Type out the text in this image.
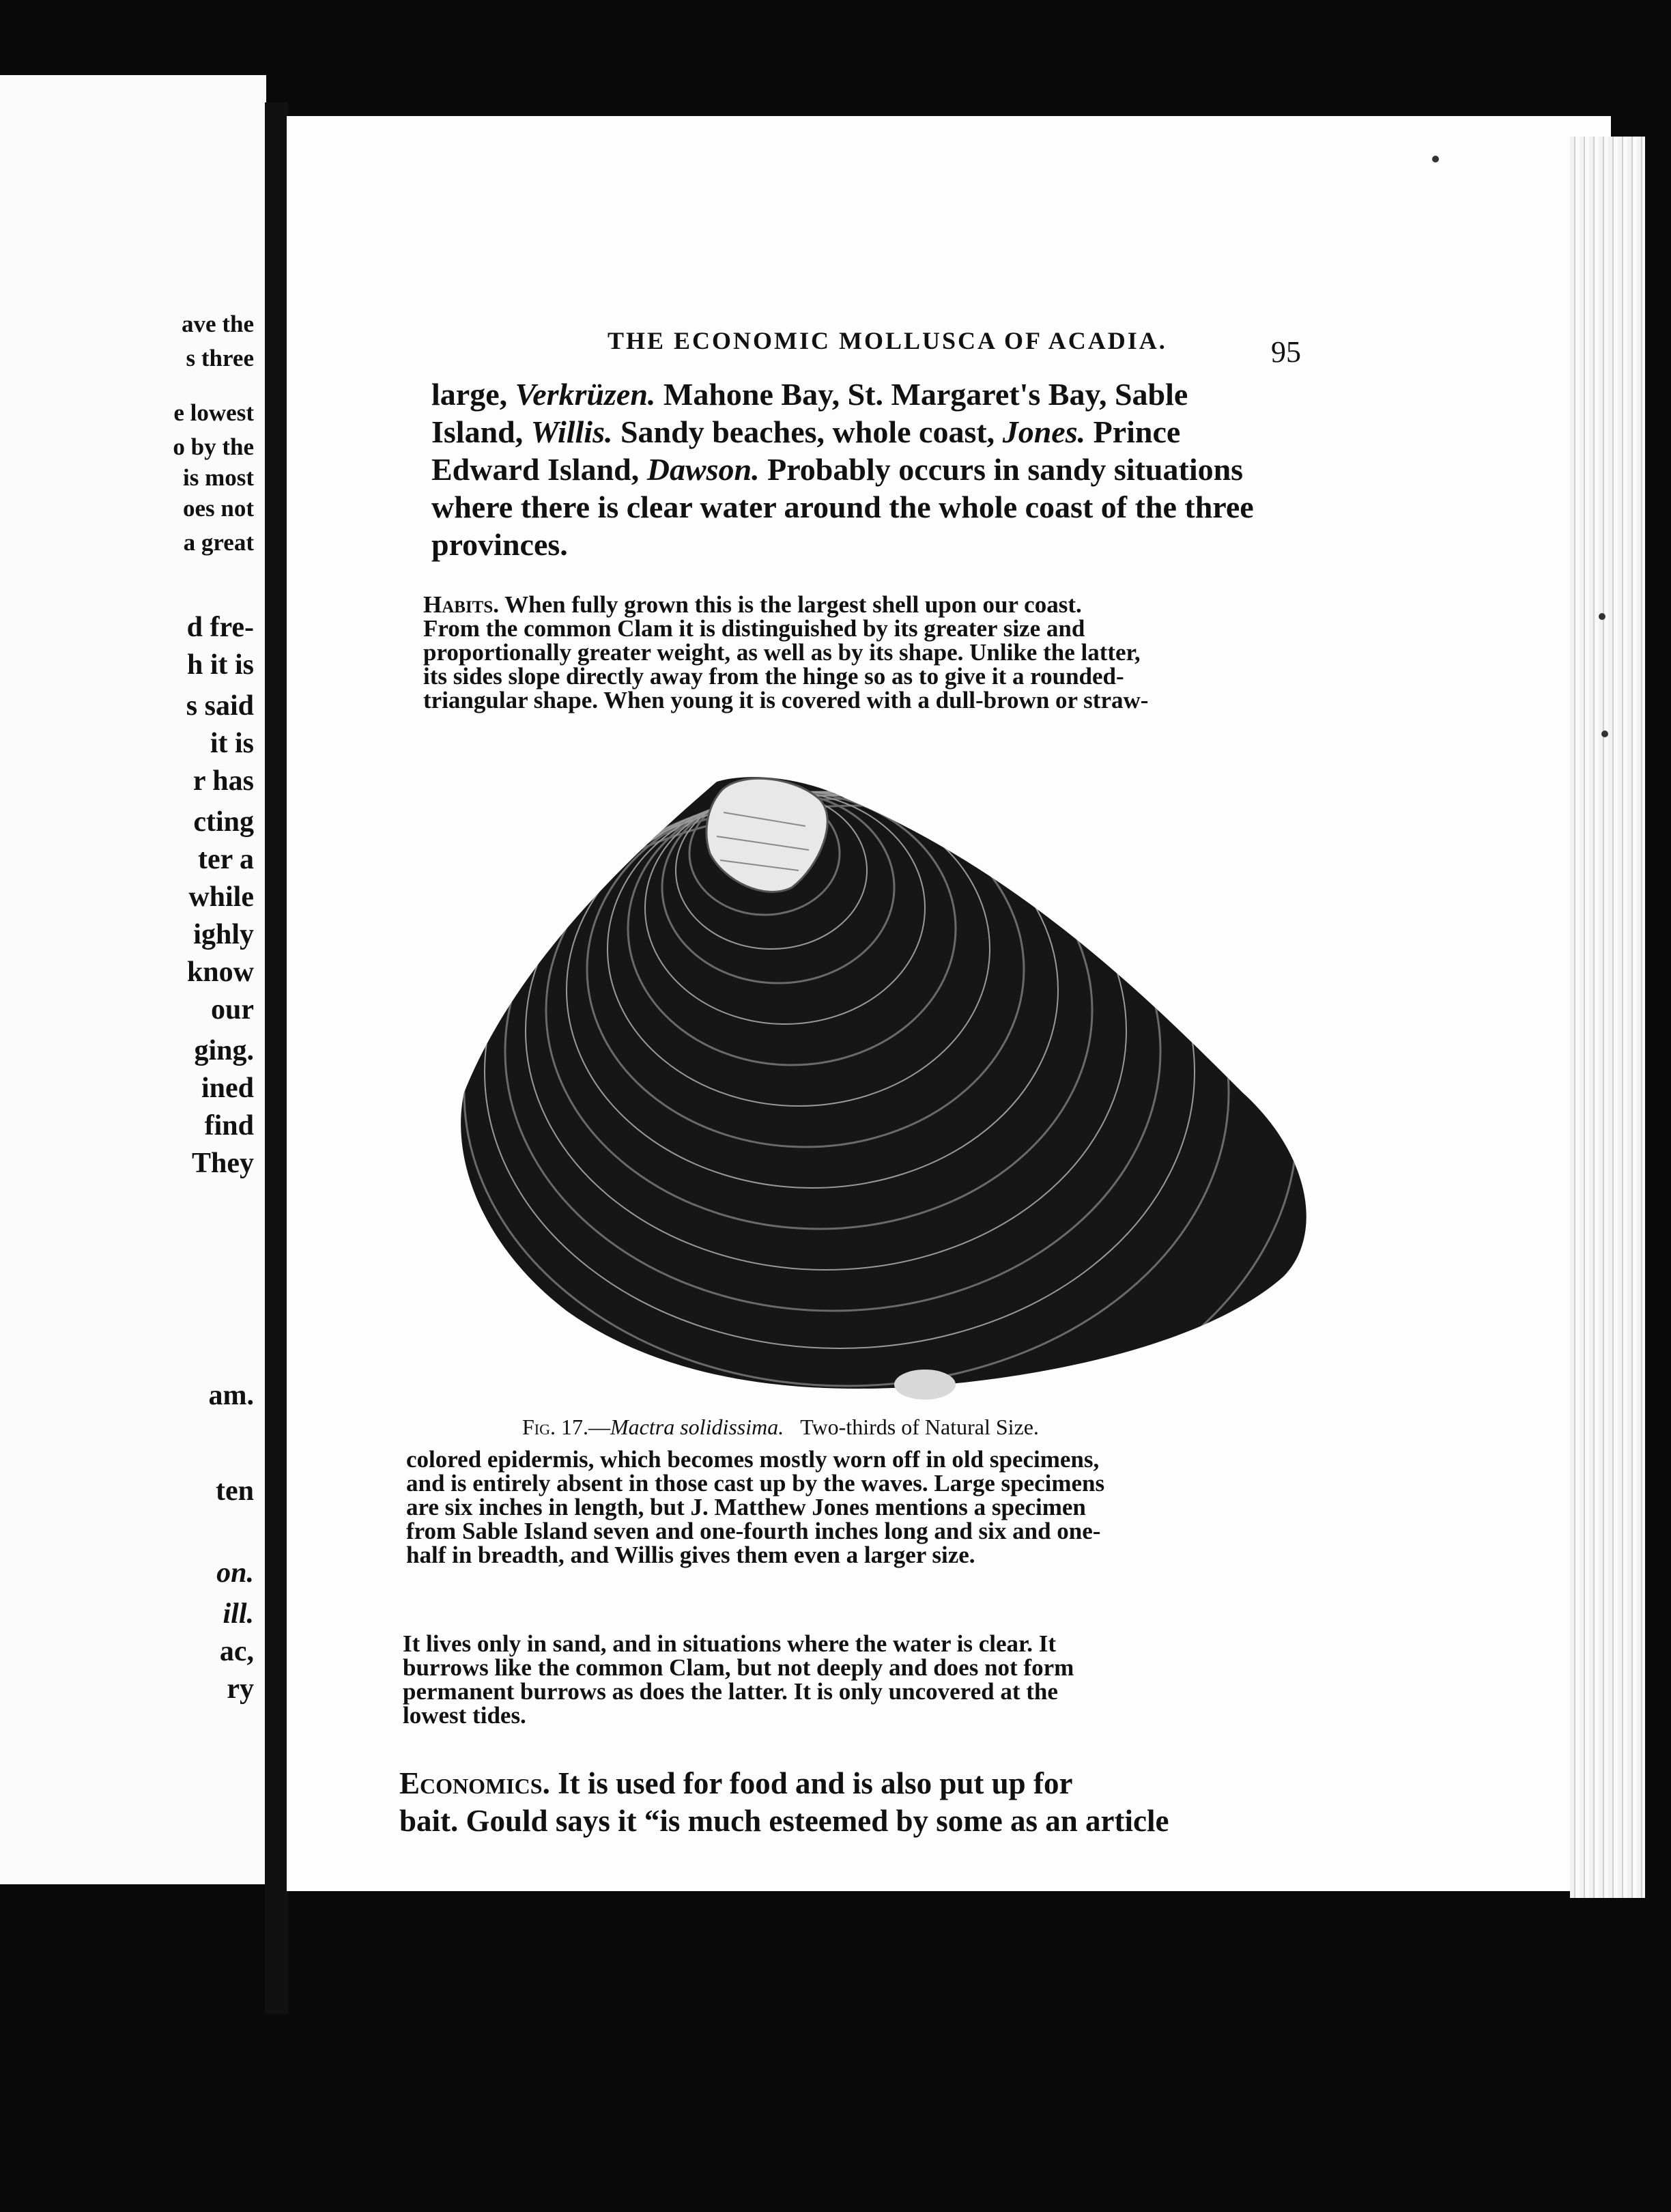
ave the
s three
e lowest
o by the
is most
oes not
a great
d fre-
h it is
s said
it is
r has
cting
ter a
while
ighly
know
our
ging.
ined
find
They
am.
ten
on.
ill.
ac,
ry
THE ECONOMIC MOLLUSCA OF ACADIA.	95
large, Verkrüzen. Mahone Bay, St. Margaret's Bay, Sable
Island, Willis. Sandy beaches, whole coast, Jones. Prince
Edward Island, Dawson. Probably occurs in sandy situations
where there is clear water around the whole coast of the three
provinces.
Habits. When fully grown this is the largest shell upon our coast.
From the common Clam it is distinguished by its greater size and
proportionally greater weight, as well as by its shape. Unlike the latter,
its sides slope directly away from the hinge so as to give it a rounded-
triangular shape. When young it is covered with a dull-brown or straw-
Fig. 17.—Mactra solidissima. Two-thirds of Natural Size.
colored epidermis, which becomes mostly worn off in old specimens,
and is entirely absent in those cast up by the waves. Large specimens
are six inches in length, but J. Matthew Jones mentions a specimen
from Sable Island seven and one-fourth inches long and six and one-
half in breadth, and Willis gives them even a larger size.
It lives only in sand, and in situations where the water is clear. It
burrows like the common Clam, but not deeply and does not form
permanent burrows as does the latter. It is only uncovered at the
lowest tides.
Economics. It is used for food and is also put up for
bait. Gould says it “is much esteemed by some as an article
